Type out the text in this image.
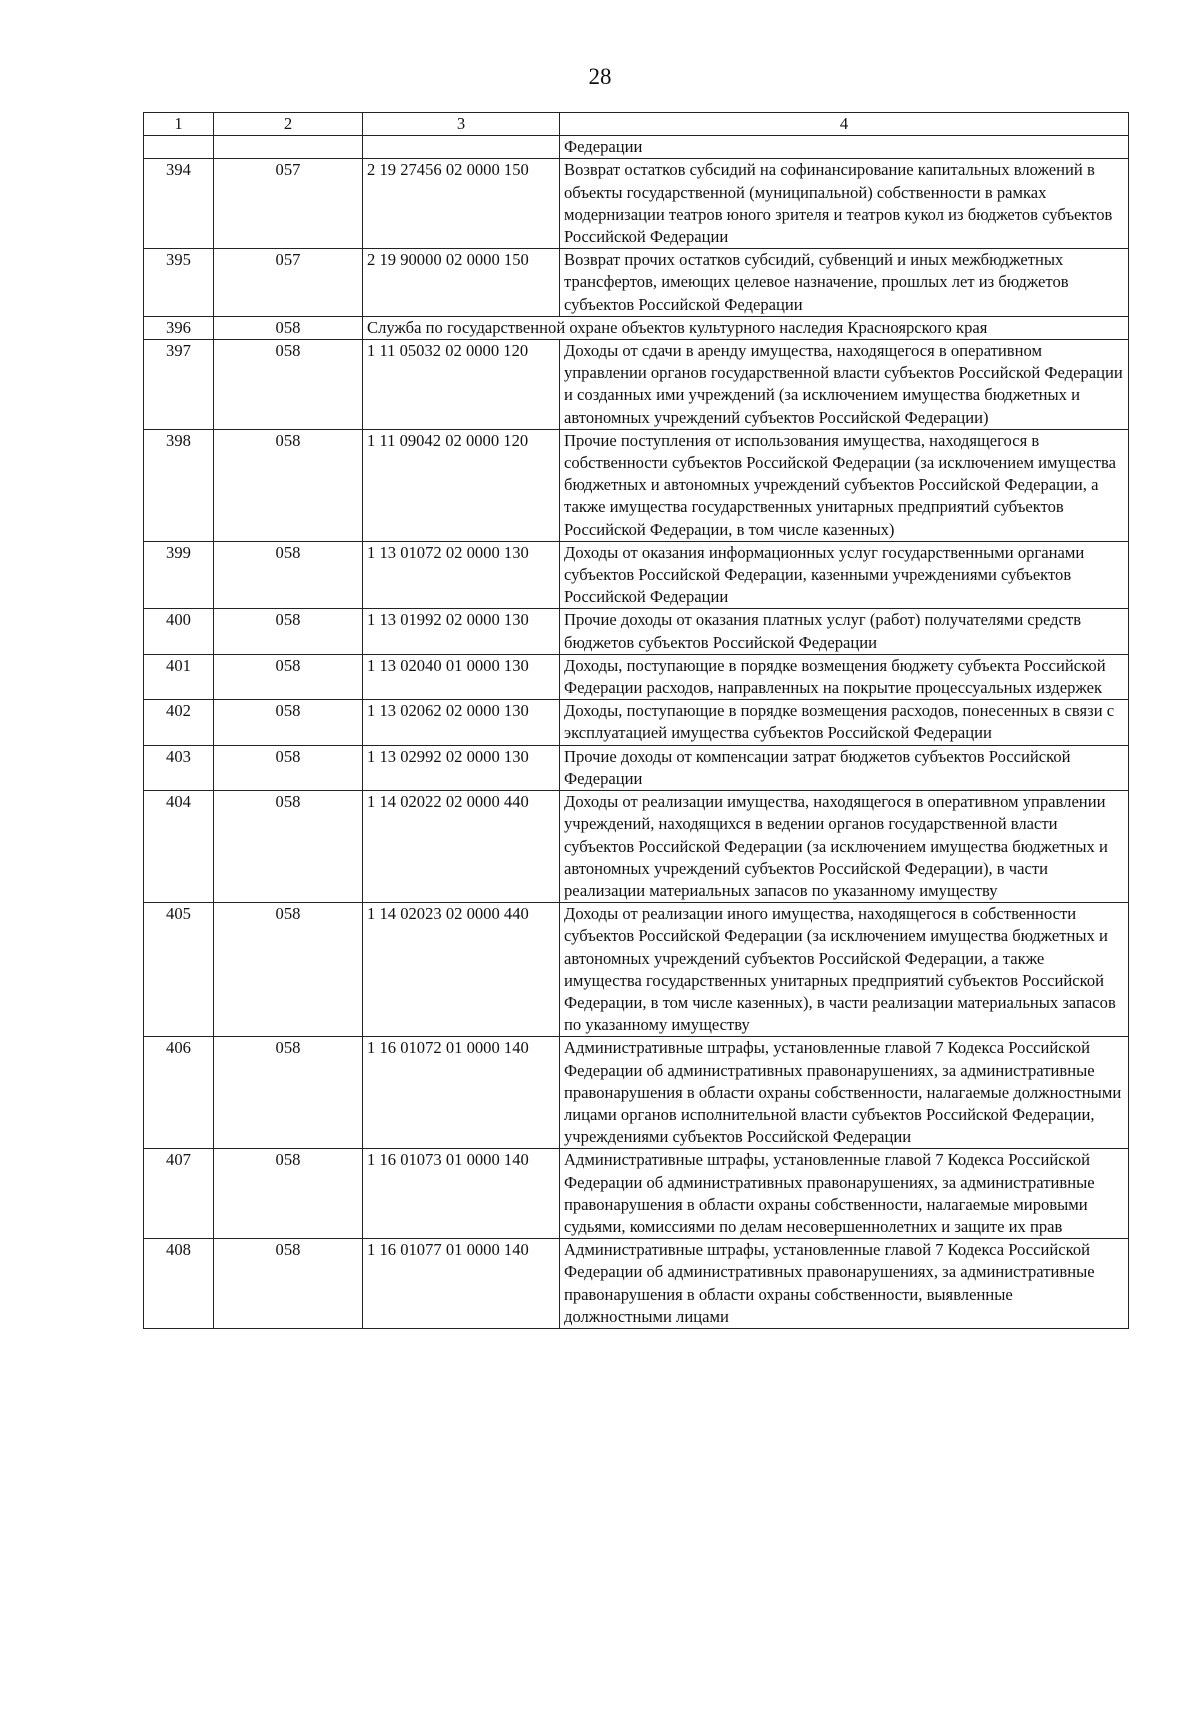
28
1	2	3	4
			Федерации
394	057	2 19 27456 02 0000 150	Возврат остатков субсидий на софинансирование капитальных вложений в объекты государственной (муниципальной) собственности в рамках модернизации театров юного зрителя и театров кукол из бюджетов субъектов Российской Федерации
395	057	2 19 90000 02 0000 150	Возврат прочих остатков субсидий, субвенций и иных межбюджетных трансфертов, имеющих целевое назначение, прошлых лет из бюджетов субъектов Российской Федерации
396	058	Служба по государственной охране объектов культурного наследия Красноярского края	
397	058	1 11 05032 02 0000 120	Доходы от сдачи в аренду имущества, находящегося в оперативном управлении органов государственной власти субъектов Российской Федерации и созданных ими учреждений (за исключением имущества бюджетных и автономных учреждений субъектов Российской Федерации)
398	058	1 11 09042 02 0000 120	Прочие поступления от использования имущества, находящегося в собственности субъектов Российской Федерации (за исключением имущества бюджетных и автономных учреждений субъектов Российской Федерации, а также имущества государственных унитарных предприятий субъектов Российской Федерации, в том числе казенных)
399	058	1 13 01072 02 0000 130	Доходы от оказания информационных услуг государственными органами субъектов Российской Федерации, казенными учреждениями субъектов Российской Федерации
400	058	1 13 01992 02 0000 130	Прочие доходы от оказания платных услуг (работ) получателями средств бюджетов субъектов Российской Федерации
401	058	1 13 02040 01 0000 130	Доходы, поступающие в порядке возмещения бюджету субъекта Российской Федерации расходов, направленных на покрытие процессуальных издержек
402	058	1 13 02062 02 0000 130	Доходы, поступающие в порядке возмещения расходов, понесенных в связи с эксплуатацией имущества субъектов Российской Федерации
403	058	1 13 02992 02 0000 130	Прочие доходы от компенсации затрат бюджетов субъектов Российской Федерации
404	058	1 14 02022 02 0000 440	Доходы от реализации имущества, находящегося в оперативном управлении учреждений, находящихся в ведении органов государственной власти субъектов Российской Федерации (за исключением имущества бюджетных и автономных учреждений субъектов Российской Федерации), в части реализации материальных запасов по указанному имуществу
405	058	1 14 02023 02 0000 440	Доходы от реализации иного имущества, находящегося в собственности субъектов Российской Федерации (за исключением имущества бюджетных и автономных учреждений субъектов Российской Федерации, а также имущества государственных унитарных предприятий субъектов Российской Федерации, в том числе казенных), в части реализации материальных запасов по указанному имуществу
406	058	1 16 01072 01 0000 140	Административные штрафы, установленные главой 7 Кодекса Российской Федерации об административных правонарушениях, за административные правонарушения в области охраны собственности, налагаемые должностными лицами органов исполнительной власти субъектов Российской Федерации, учреждениями субъектов Российской Федерации
407	058	1 16 01073 01 0000 140	Административные штрафы, установленные главой 7 Кодекса Российской Федерации об административных правонарушениях, за административные правонарушения в области охраны собственности, налагаемые мировыми судьями, комиссиями по делам несовершеннолетних и защите их прав
408	058	1 16 01077 01 0000 140	Административные штрафы, установленные главой 7 Кодекса Российской Федерации об административных правонарушениях, за административные правонарушения в области охраны собственности, выявленные должностными лицами
